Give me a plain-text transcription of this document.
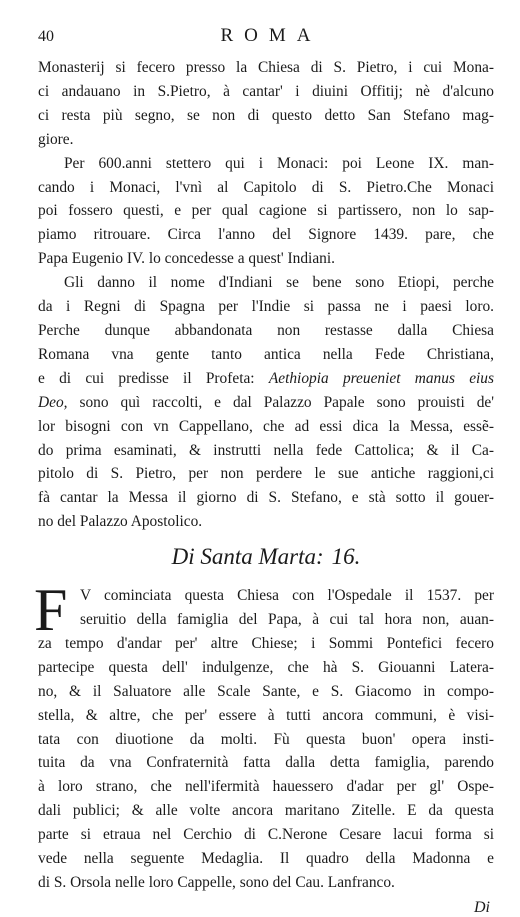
40	ROMA

Monasterij si fecero presso la Chiesa di S. Pietro, i cui Mona-
ci andauano in S.Pietro, à cantar' i diuini Offitij; nè d'alcuno
ci resta più segno, se non di questo detto San Stefano mag-
giore.

Per 600.anni stettero qui i Monaci: poi Leone IX. man-
cando i Monaci, l'vnì al Capitolo di S. Pietro.Che Monaci
poi fossero questi, e per qual cagione si partissero, non lo sap-
piamo ritrouare. Circa l'anno del Signore 1439. pare, che
Papa Eugenio IV. lo concedesse a quest' Indiani.

Gli danno il nome d'Indiani se bene sono Etiopi, perche
da i Regni di Spagna per l'Indie si passa ne i paesi loro.
Perche dunque abbandonata non restasse dalla Chiesa
Romana vna gente tanto antica nella Fede Christiana,
e di cui predisse il Profeta: Aethiopia preueniet manus eius
Deo, sono quì raccolti, e dal Palazzo Papale sono prouisti de'
lor bisogni con vn Cappellano, che ad essi dica la Messa, essẽ-
do prima esaminati, & instrutti nella fede Cattolica; & il Ca-
pitolo di S. Pietro, per non perdere le sue antiche raggioni,ci
fà cantar la Messa il giorno di S. Stefano, e stà sotto il gouer-
no del Palazzo Apostolico.

Di Santa Marta: 16.
F V cominciata questa Chiesa con l'Ospedale il 1537. per
seruitio della famiglia del Papa, à cui tal hora non, auan-
za tempo d'andar per' altre Chiese; i Sommi Pontefici fecero
partecipe questa dell' indulgenze, che hà S. Giouanni Latera-
no, & il Saluatore alle Scale Sante, e S. Giacomo in compo-
stella, & altre, che per' essere à tutti ancora communi, è visi-
tata con diuotione da molti. Fù questa buon' opera insti-
tuita da vna Confraternità fatta dalla detta famiglia, parendo
à loro strano, che nell'ifermità hauessero d'adar per gl' Ospe-
dali publici; & alle volte ancora maritano Zitelle. E da questa
parte si etraua nel Cerchio di C.Nerone Cesare lacui forma si
vede nella seguente Medaglia. Il quadro della Madonna e
di S. Orsola nelle loro Cappelle, sono del Cau. Lanfranco.
Di
